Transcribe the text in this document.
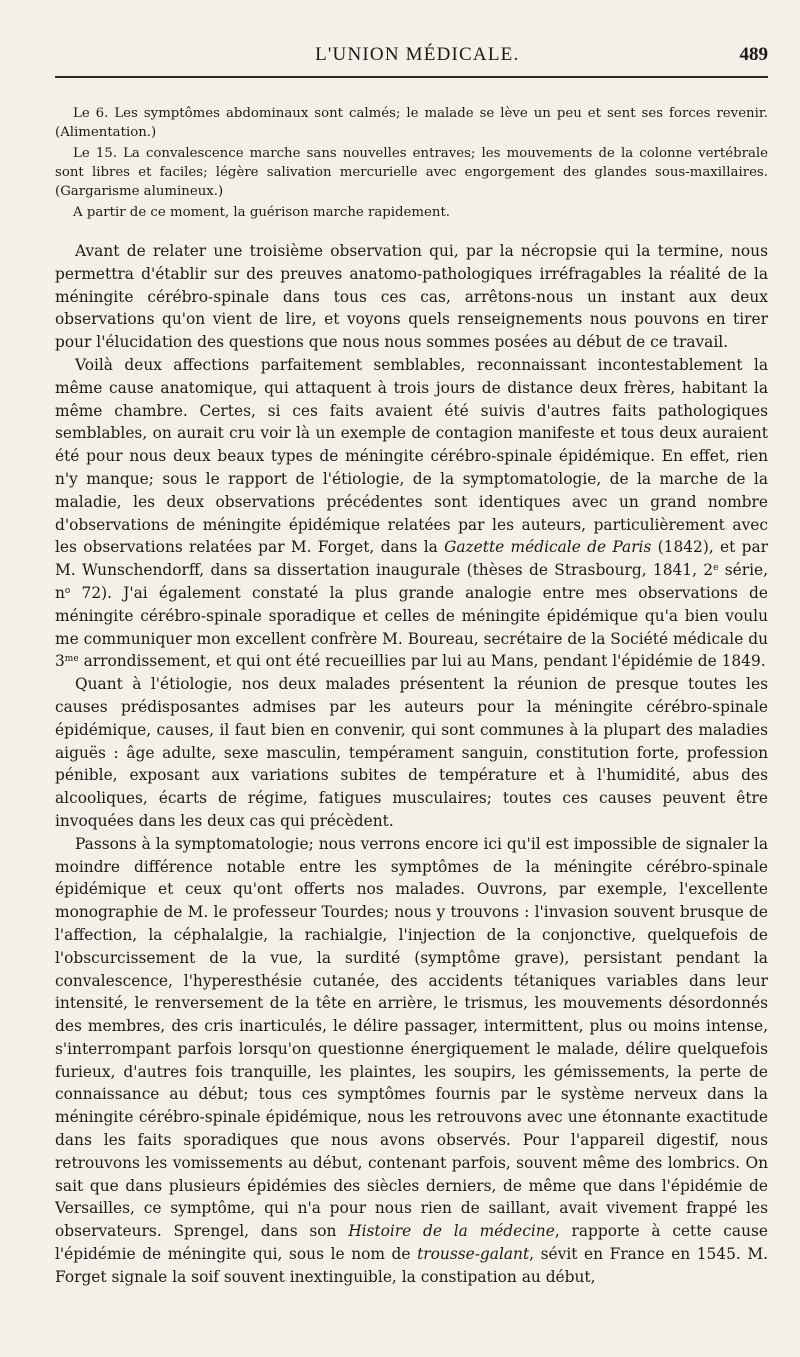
L'UNION MÉDICALE.	489

Le 6. Les symptômes abdominaux sont calmés; le malade se lève un peu et sent ses forces revenir. (Alimentation.)

Le 15. La convalescence marche sans nouvelles entraves; les mouvements de la colonne vertébrale sont libres et faciles; légère salivation mercurielle avec engorgement des glandes sous-maxillaires. (Gargarisme alumineux.)

A partir de ce moment, la guérison marche rapidement.

Avant de relater une troisième observation qui, par la nécropsie qui la termine, nous permettra d'établir sur des preuves anatomo-pathologiques irréfragables la réalité de la méningite cérébro-spinale dans tous ces cas, arrêtons-nous un instant aux deux observations qu'on vient de lire, et voyons quels renseignements nous pouvons en tirer pour l'élucidation des questions que nous nous sommes posées au début de ce travail.

Voilà deux affections parfaitement semblables, reconnaissant incontestablement la même cause anatomique, qui attaquent à trois jours de distance deux frères, habitant la même chambre. Certes, si ces faits avaient été suivis d'autres faits pathologiques semblables, on aurait cru voir là un exemple de contagion manifeste et tous deux auraient été pour nous deux beaux types de méningite cérébro-spinale épidémique. En effet, rien n'y manque; sous le rapport de l'étiologie, de la symptomatologie, de la marche de la maladie, les deux observations précédentes sont identiques avec un grand nombre d'observations de méningite épidémique relatées par les auteurs, particulièrement avec les observations relatées par M. Forget, dans la Gazette médicale de Paris (1842), et par M. Wunschendorff, dans sa dissertation inaugurale (thèses de Strasbourg, 1841, 2e série, $n^o$ 72). J'ai également constaté la plus grande analogie entre mes observations de méningite cérébro-spinale sporadique et celles de méningite épidémique qu'a bien voulu me communiquer mon excellent confrère M. Boureau, secrétaire de la Société médicale du $3^{me}$ arrondissement, et qui ont été recueillies par lui au Mans, pendant l'épidémie de 1849.

Quant à l'étiologie, nos deux malades présentent la réunion de presque toutes les causes prédisposantes admises par les auteurs pour la méningite cérébro-spinale épidémique, causes, il faut bien en convenir, qui sont communes à la plupart des maladies aiguës : âge adulte, sexe masculin, tempérament sanguin, constitution forte, profession pénible, exposant aux variations subites de température et à l'humidité, abus des alcooliques, écarts de régime, fatigues musculaires; toutes ces causes peuvent être invoquées dans les deux cas qui précèdent.

Passons à la symptomatologie; nous verrons encore ici qu'il est impossible de signaler la moindre différence notable entre les symptômes de la méningite cérébro-spinale épidémique et ceux qu'ont offerts nos malades. Ouvrons, par exemple, l'excellente monographie de M. le professeur Tourdes; nous y trouvons : l'invasion souvent brusque de l'affection, la céphalalgie, la rachialgie, l'injection de la conjonctive, quelquefois de l'obscurcissement de la vue, la surdité (symptôme grave), persistant pendant la convalescence, l'hyperesthésie cutanée, des accidents tétaniques variables dans leur intensité, le renversement de la tête en arrière, le trismus, les mouvements désordonnés des membres, des cris inarticulés, le délire passager, intermittent, plus ou moins intense, s'interrompant parfois lorsqu'on questionne énergiquement le malade, délire quelquefois furieux, d'autres fois tranquille, les plaintes, les soupirs, les gémissements, la perte de connaissance au début; tous ces symptômes fournis par le système nerveux dans la méningite cérébro-spinale épidémique, nous les retrouvons avec une étonnante exactitude dans les faits sporadiques que nous avons observés. Pour l'appareil digestif, nous retrouvons les vomissements au début, contenant parfois, souvent même des lombrics. On sait que dans plusieurs épidémies des siècles derniers, de même que dans l'épidémie de Versailles, ce symptôme, qui n'a pour nous rien de saillant, avait vivement frappé les observateurs. Sprengel, dans son Histoire de la médecine, rapporte à cette cause l'épidémie de méningite qui, sous le nom de trousse-galant, sévit en France en 1545. M. Forget signale la soif souvent inextinguible, la constipation au début,
